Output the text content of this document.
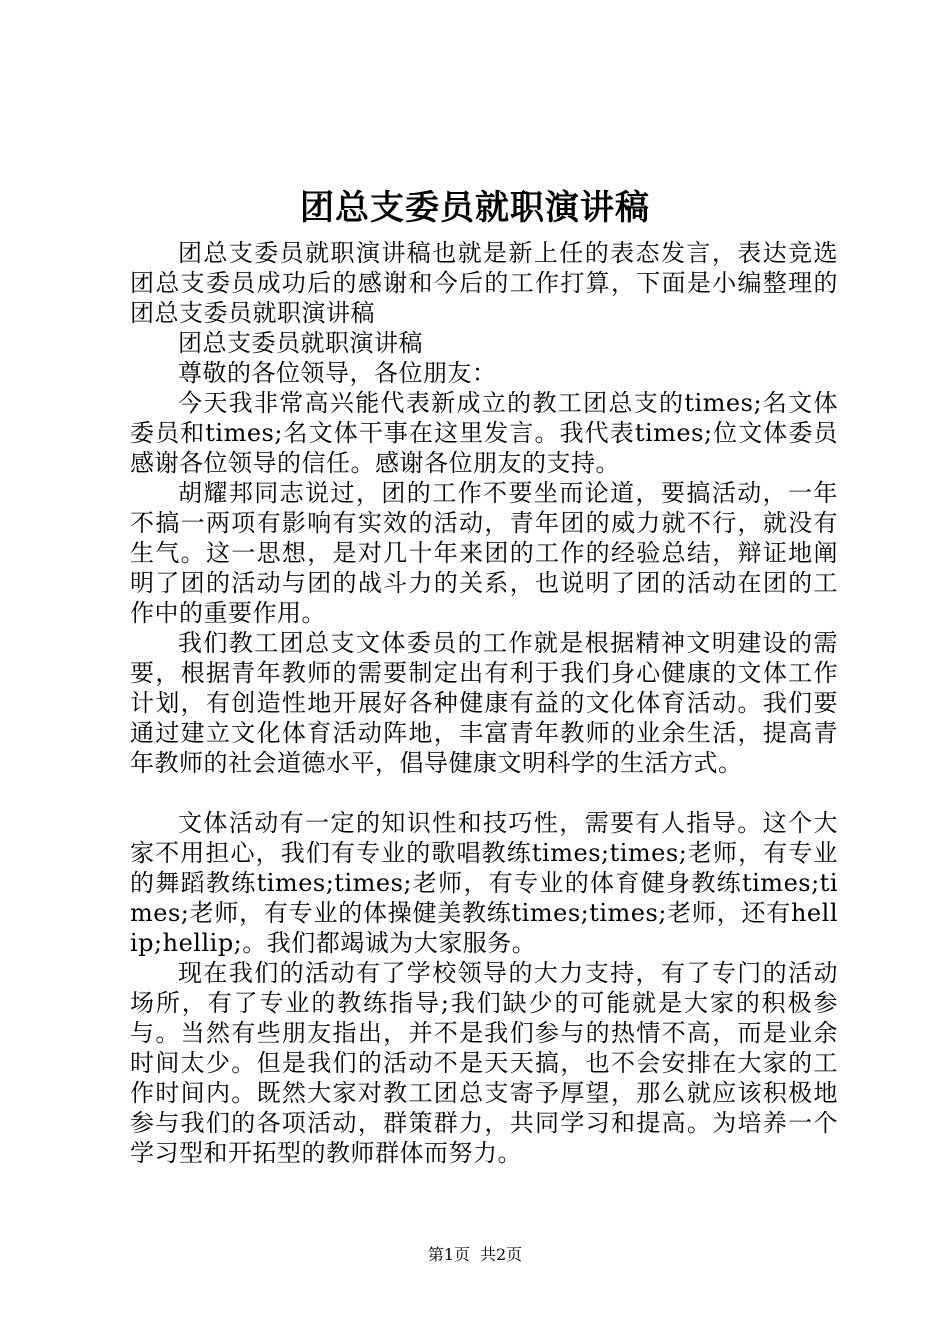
团总支委员就职演讲稿

团总支委员就职演讲稿也就是新上任的表态发言，表达竞选团总支委员成功后的感谢和今后的工作打算，下面是小编整理的团总支委员就职演讲稿

团总支委员就职演讲稿

尊敬的各位领导，各位朋友：

今天我非常高兴能代表新成立的教工团总支的times;名文体委员和times;名文体干事在这里发言。我代表times;位文体委员感谢各位领导的信任。感谢各位朋友的支持。

胡耀邦同志说过，团的工作不要坐而论道，要搞活动，一年不搞一两项有影响有实效的活动，青年团的威力就不行，就没有生气。这一思想，是对几十年来团的工作的经验总结，辩证地阐明了团的活动与团的战斗力的关系，也说明了团的活动在团的工作中的重要作用。

我们教工团总支文体委员的工作就是根据精神文明建设的需要，根据青年教师的需要制定出有利于我们身心健康的文体工作计划，有创造性地开展好各种健康有益的文化体育活动。我们要通过建立文化体育活动阵地，丰富青年教师的业余生活，提高青年教师的社会道德水平，倡导健康文明科学的生活方式。

文体活动有一定的知识性和技巧性，需要有人指导。这个大家不用担心，我们有专业的歌唱教练times;times;老师，有专业的舞蹈教练times;times;老师，有专业的体育健身教练times;times;老师，有专业的体操健美教练times;times;老师，还有hellip;hellip;。我们都竭诚为大家服务。

现在我们的活动有了学校领导的大力支持，有了专门的活动场所，有了专业的教练指导;我们缺少的可能就是大家的积极参与。当然有些朋友指出，并不是我们参与的热情不高，而是业余时间太少。但是我们的活动不是天天搞，也不会安排在大家的工作时间内。既然大家对教工团总支寄予厚望，那么就应该积极地参与我们的各项活动，群策群力，共同学习和提高。为培养一个学习型和开拓型的教师群体而努力。

第1页 共2页
